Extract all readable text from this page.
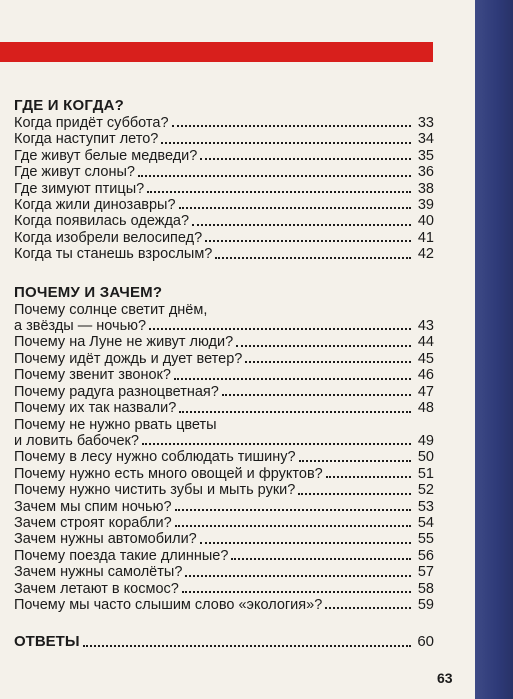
ГДЕ И КОГДА?
Когда придёт суббота?	33
Когда наступит лето?	34
Где живут белые медведи?	35
Где живут слоны?	36
Где зимуют птицы?	38
Когда жили динозавры?	39
Когда появилась одежда?	40
Когда изобрели велосипед?	41
Когда ты станешь взрослым?	42
ПОЧЕМУ И ЗАЧЕМ?
Почему солнце светит днём,
а звёзды — ночью?	43
Почему на Луне не живут люди?	44
Почему идёт дождь и дует ветер?	45
Почему звенит звонок?	46
Почему радуга разноцветная?	47
Почему их так назвали?	48
Почему не нужно рвать цветы
и ловить бабочек?	49
Почему в лесу нужно соблюдать тишину?	50
Почему нужно есть много овощей и фруктов?	51
Почему нужно чистить зубы и мыть руки?	52
Зачем мы спим ночью?	53
Зачем строят корабли?	54
Зачем нужны автомобили?	55
Почему поезда такие длинные?	56
Зачем нужны самолёты?	57
Зачем летают в космос?	58
Почему мы часто слышим слово «экология»?	59
ОТВЕТЫ	60
63
